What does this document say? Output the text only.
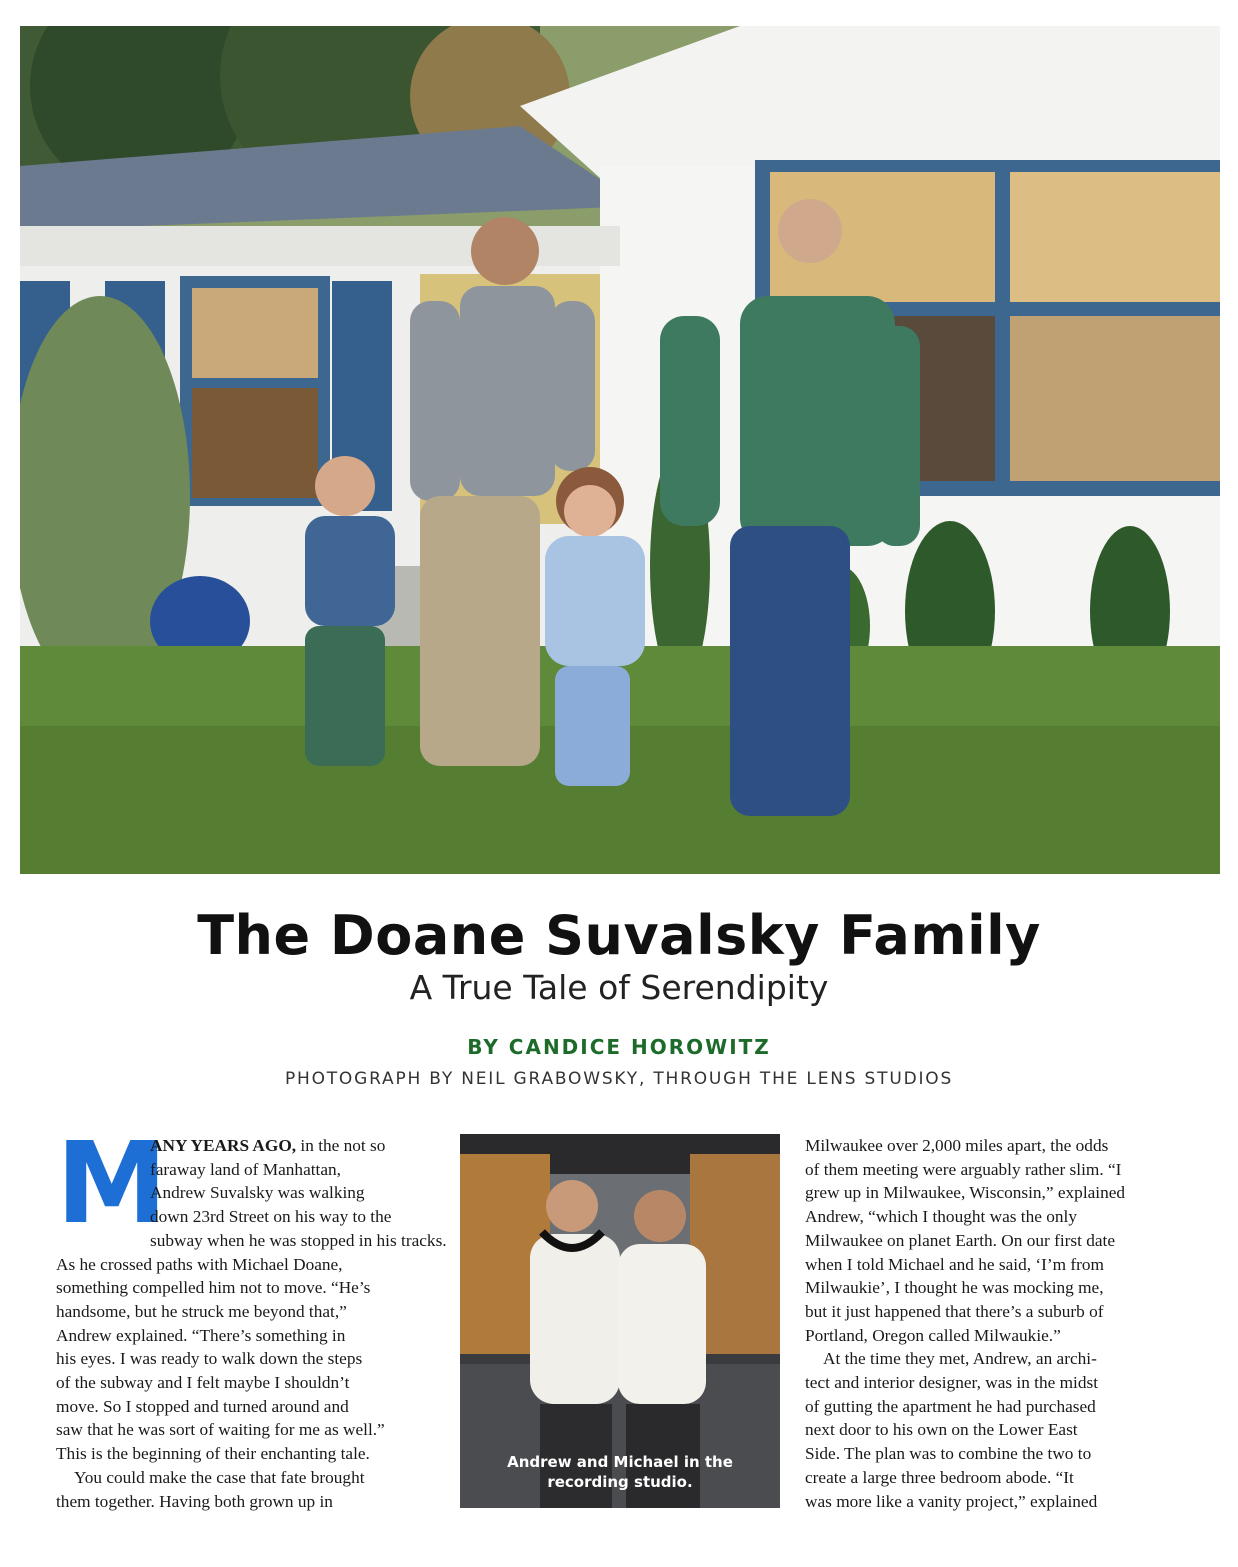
The Doane Suvalsky Family
A True Tale of Serendipity
BY CANDICE HOROWITZ
PHOTOGRAPH BY NEIL GRABOWSKY, THROUGH THE LENS STUDIOS
M
ANY YEARS AGO, in the not so
faraway land of Manhattan,
Andrew Suvalsky was walking
down 23rd Street on his way to the
subway when he was stopped in his tracks.
As he crossed paths with Michael Doane,
something compelled him not to move. “He’s
handsome, but he struck me beyond that,”
Andrew explained. “There’s something in
his eyes. I was ready to walk down the steps
of the subway and I felt maybe I shouldn’t
move. So I stopped and turned around and
saw that he was sort of waiting for me as well.”
This is the beginning of their enchanting tale.
You could make the case that fate brought
them together. Having both grown up in
Andrew and Michael in the
recording studio.
Milwaukee over 2,000 miles apart, the odds
of them meeting were arguably rather slim. “I
grew up in Milwaukee, Wisconsin,” explained
Andrew, “which I thought was the only
Milwaukee on planet Earth. On our first date
when I told Michael and he said, ‘I’m from
Milwaukie’, I thought he was mocking me,
but it just happened that there’s a suburb of
Portland, Oregon called Milwaukie.”
At the time they met, Andrew, an archi-
tect and interior designer, was in the midst
of gutting the apartment he had purchased
next door to his own on the Lower East
Side. The plan was to combine the two to
create a large three bedroom abode. “It
was more like a vanity project,” explained
